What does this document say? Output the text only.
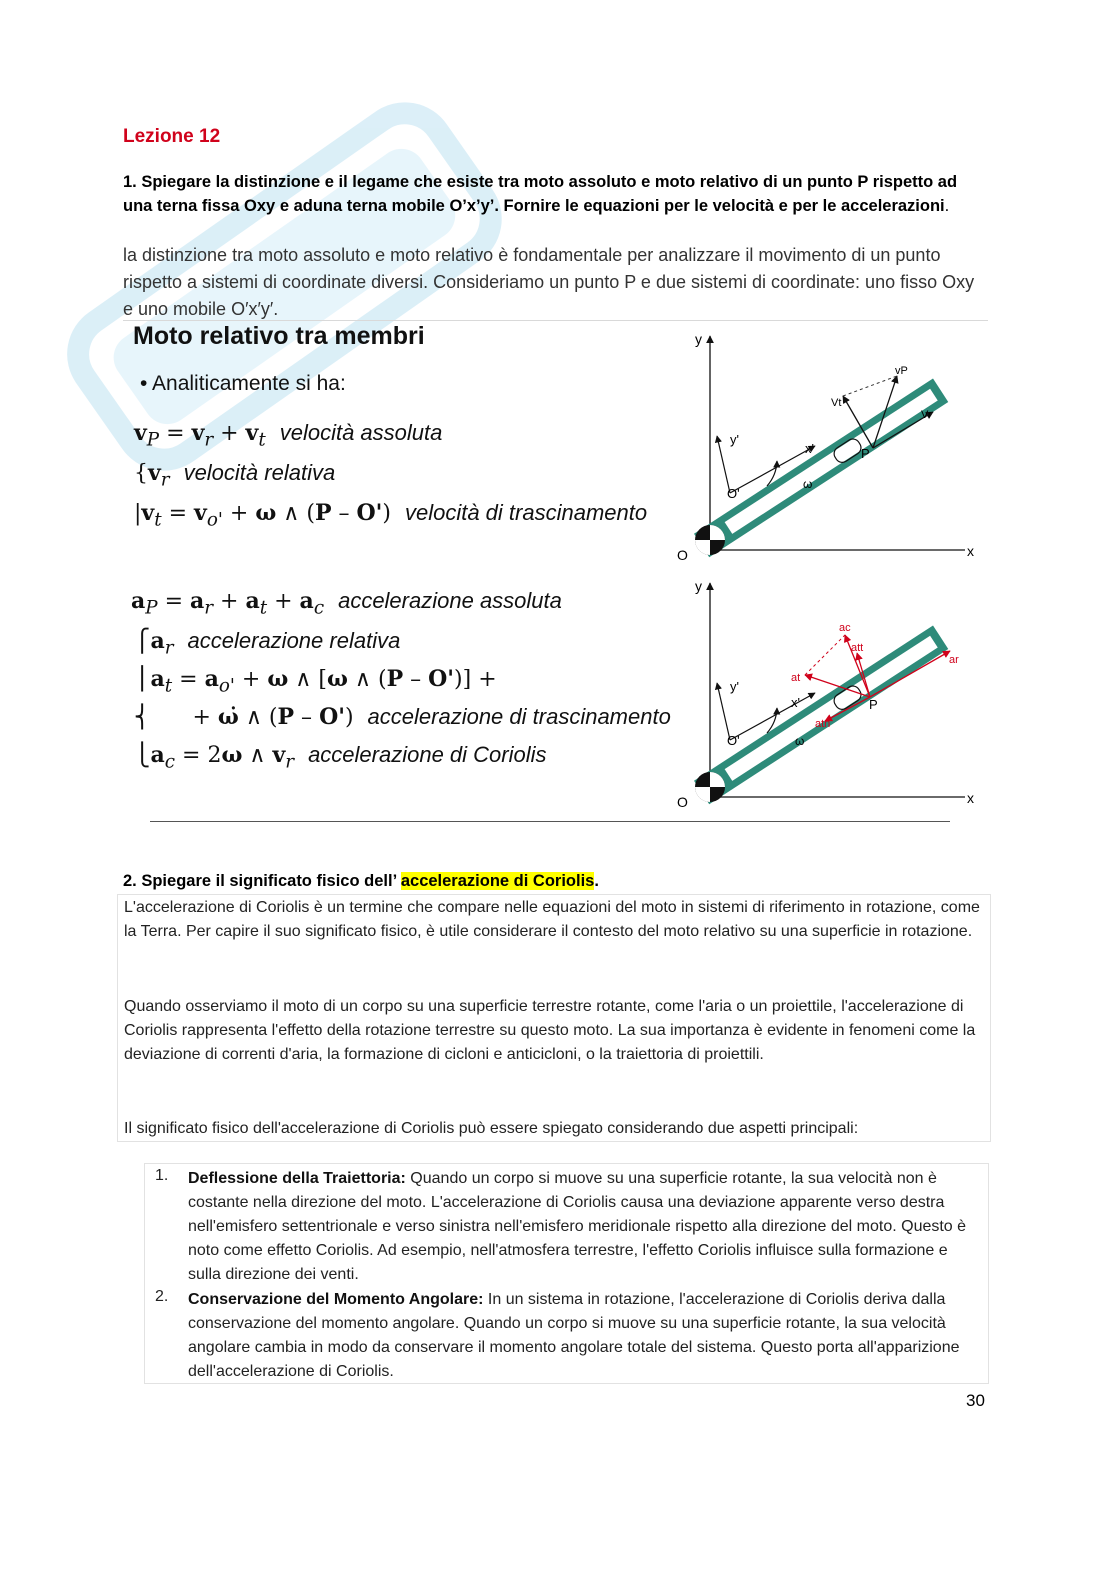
Lezione 12
1. Spiegare la distinzione e il legame che esiste tra moto assoluto e moto relativo di un punto P rispetto ad una terna fissa Oxy e aduna terna mobile O’x’y’. Fornire le equazioni per le velocità e per le accelerazioni.
la distinzione tra moto assoluto e moto relativo è fondamentale per analizzare il movimento di un punto rispetto a sistemi di coordinate diversi. Consideriamo un punto P e due sistemi di coordinate: uno fisso Oxy e uno mobile O′x′y′.
Moto relativo tra membri
• Analiticamente si ha:
$v_P = v_r + v_t$ velocità assoluta
{$v_r$ velocità relativa
$|v_t = v_{o'} + \omega$ ∧ (P – O')  velocità di trascinamento
$a_P = a_r + a_t + a_c$ accelerazione assoluta
$⎧a_r$ accelerazione relativa
$⎪a_t = a_{o'} + \omega$ ∧ [ω ∧ (P – O')] +
⎨      + ω̇ ∧ (P – O')  accelerazione di trascinamento
$⎩a_c = 2\omega$ ∧ $v_r$ accelerazione di Coriolis
y
x
O
O'
y'
x'
ω
P
vP
Vt
Vr
y
x
O
O'
y'
x'
ω
P
ac
att
at
atn
ar
2. Spiegare il significato fisico dell’ accelerazione di Coriolis.
L'accelerazione di Coriolis è un termine che compare nelle equazioni del moto in sistemi di riferimento in rotazione, come la Terra. Per capire il suo significato fisico, è utile considerare il contesto del moto relativo su una superficie in rotazione.
Quando osserviamo il moto di un corpo su una superficie terrestre rotante, come l'aria o un proiettile, l'accelerazione di Coriolis rappresenta l'effetto della rotazione terrestre su questo moto. La sua importanza è evidente in fenomeni come la deviazione di correnti d'aria, la formazione di cicloni e anticicloni, o la traiettoria di proiettili.
Il significato fisico dell'accelerazione di Coriolis può essere spiegato considerando due aspetti principali:
1. Deflessione della Traiettoria: Quando un corpo si muove su una superficie rotante, la sua velocità non è costante nella direzione del moto. L'accelerazione di Coriolis causa una deviazione apparente verso destra nell'emisfero settentrionale e verso sinistra nell'emisfero meridionale rispetto alla direzione del moto. Questo è noto come effetto Coriolis. Ad esempio, nell'atmosfera terrestre, l'effetto Coriolis influisce sulla formazione e sulla direzione dei venti.
2. Conservazione del Momento Angolare: In un sistema in rotazione, l'accelerazione di Coriolis deriva dalla conservazione del momento angolare. Quando un corpo si muove su una superficie rotante, la sua velocità angolare cambia in modo da conservare il momento angolare totale del sistema. Questo porta all'apparizione dell'accelerazione di Coriolis.
30
